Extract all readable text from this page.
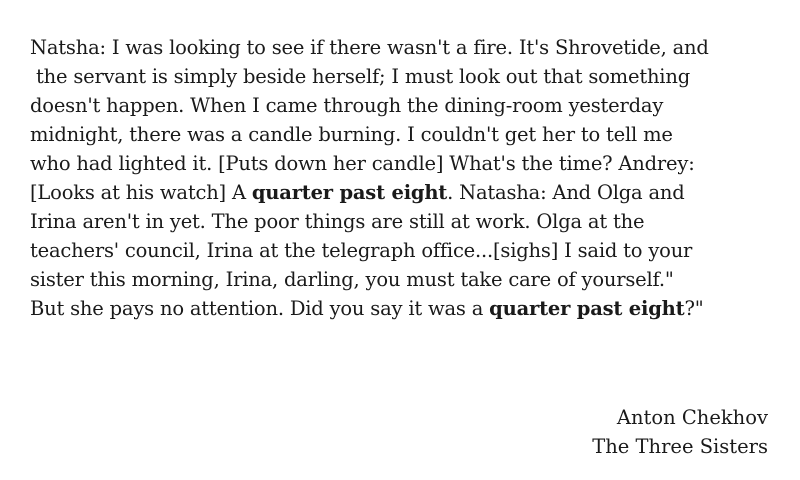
Natsha: I was looking to see if there wasn't a fire. It's Shrovetide, and
the servant is simply beside herself; I must look out that something
doesn't happen. When I came through the dining-room yesterday
midnight, there was a candle burning. I couldn't get her to tell me
who had lighted it. [Puts down her candle] What's the time? Andrey:
[Looks at his watch] A quarter past eight. Natasha: And Olga and
Irina aren't in yet. The poor things are still at work. Olga at the
teachers' council, Irina at the telegraph office...[sighs] I said to your
sister this morning, Irina, darling, you must take care of yourself."
But she pays no attention. Did you say it was a quarter past eight?"

Anton Chekhov
The Three Sisters
